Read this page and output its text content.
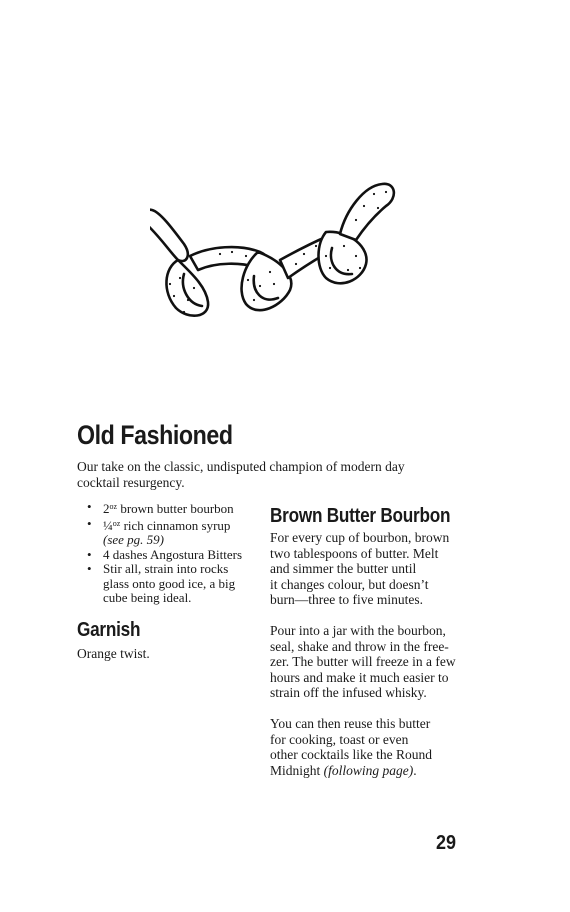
Old Fashioned
Our take on the classic, undisputed champion of modern day cocktail resurgency.
• $2^{oz}$ brown butter bourbon
• ¼$^{oz}$ rich cinnamon syrup
(see pg. 59)
• 4 dashes Angostura Bitters
• Stir all, strain into rocks glass onto good ice, a big cube being ideal.
Garnish
Orange twist.
Brown Butter Bourbon

For every cup of bourbon, brown
two tablespoons of butter. Melt
and simmer the butter until
it changes colour, but doesn’t
burn—three to five minutes.

Pour into a jar with the bourbon,
seal, shake and throw in the free-
zer. The butter will freeze in a few
hours and make it much easier to
strain off the infused whisky.

You can then reuse this butter
for cooking, toast or even
other cocktails like the Round
Midnight (following page).

29
